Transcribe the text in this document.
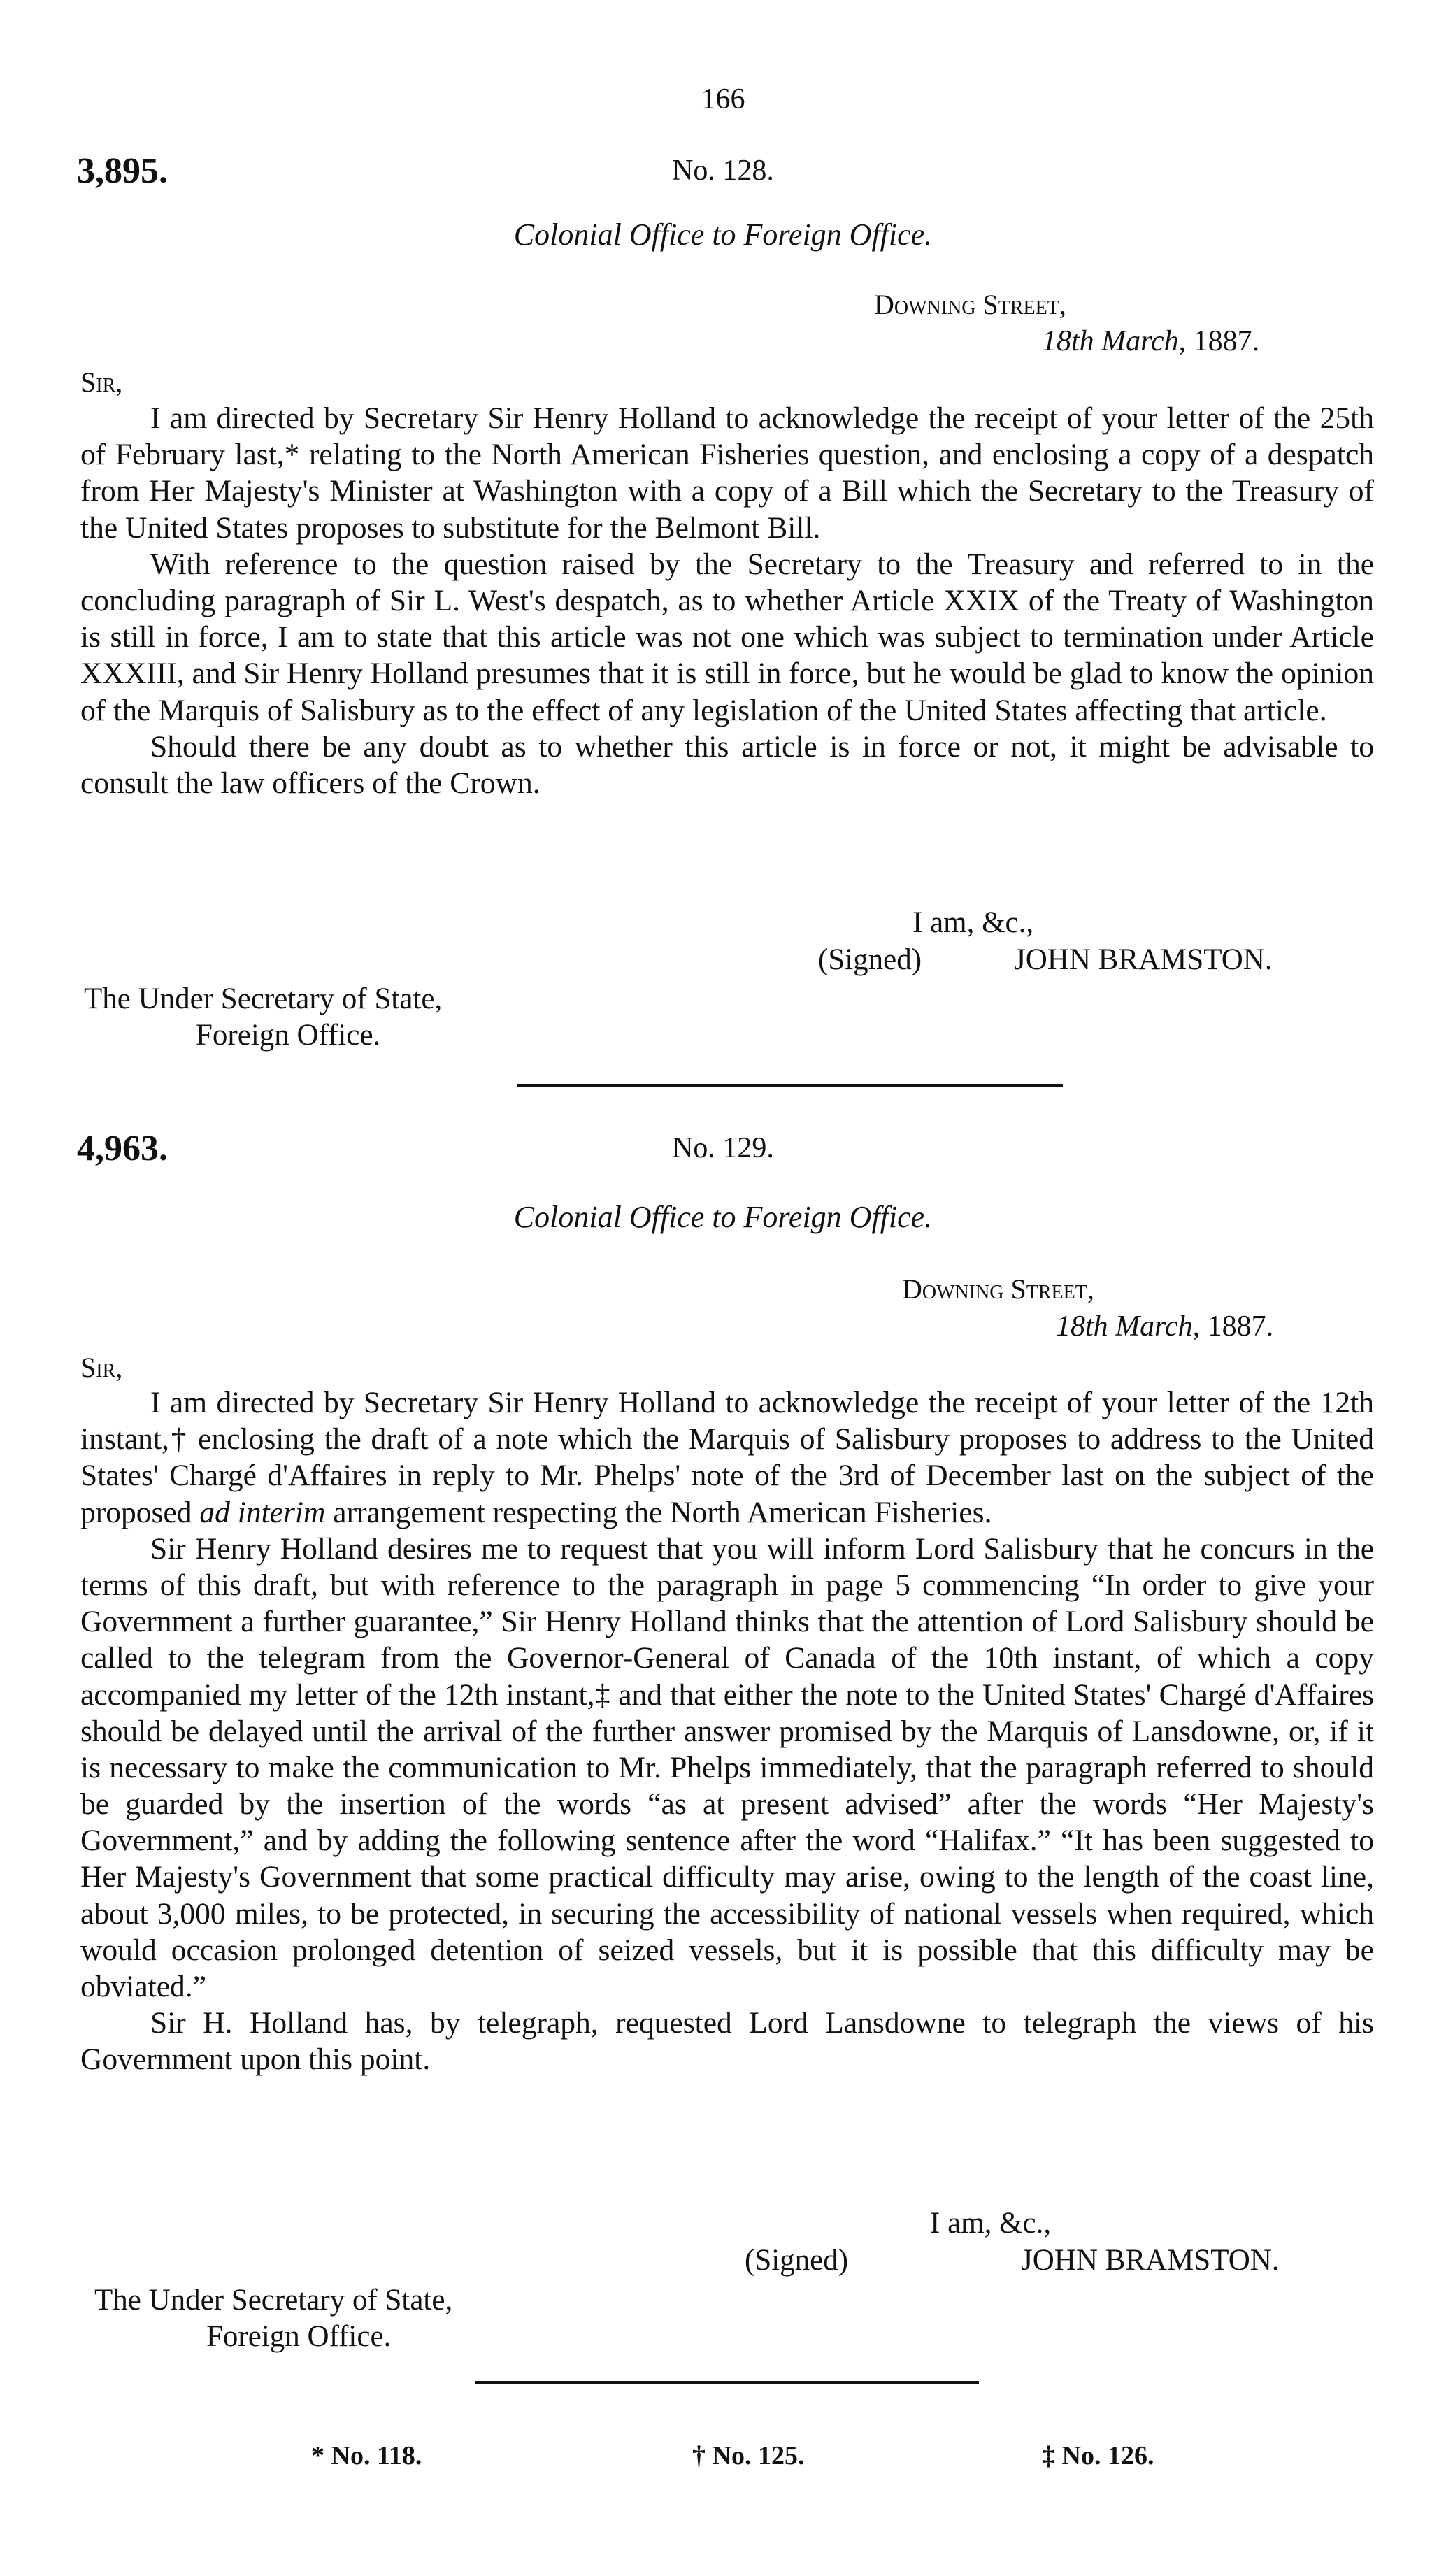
166
3,895.	No. 128.
Colonial Office to Foreign Office.
Downing Street,
18th March, 1887.
Sir,

I am directed by Secretary Sir Henry Holland to acknowledge the receipt of your letter of the 25th of February last,* relating to the North American Fisheries question, and enclosing a copy of a despatch from Her Majesty's Minister at Washington with a copy of a Bill which the Secretary to the Treasury of the United States proposes to substitute for the Belmont Bill.

With reference to the question raised by the Secretary to the Treasury and referred to in the concluding paragraph of Sir L. West's despatch, as to whether Article XXIX of the Treaty of Washington is still in force, I am to state that this article was not one which was subject to termination under Article XXXIII, and Sir Henry Holland presumes that it is still in force, but he would be glad to know the opinion of the Marquis of Salisbury as to the effect of any legislation of the United States affecting that article.

Should there be any doubt as to whether this article is in force or not, it might be advisable to consult the law officers of the Crown.

I am, &c.,
(Signed)	JOHN BRAMSTON.
The Under Secretary of State,
Foreign Office.
4,963.	No. 129.
Colonial Office to Foreign Office.
Downing Street,
18th March, 1887.
Sir,

I am directed by Secretary Sir Henry Holland to acknowledge the receipt of your letter of the 12th instant,† enclosing the draft of a note which the Marquis of Salisbury proposes to address to the United States' Chargé d'Affaires in reply to Mr. Phelps' note of the 3rd of December last on the subject of the proposed ad interim arrangement respecting the North American Fisheries.

Sir Henry Holland desires me to request that you will inform Lord Salisbury that he concurs in the terms of this draft, but with reference to the paragraph in page 5 commencing “In order to give your Government a further guarantee,” Sir Henry Holland thinks that the attention of Lord Salisbury should be called to the telegram from the Governor-General of Canada of the 10th instant, of which a copy accompanied my letter of the 12th instant,‡ and that either the note to the United States' Chargé d'Affaires should be delayed until the arrival of the further answer promised by the Marquis of Lansdowne, or, if it is necessary to make the communication to Mr. Phelps immediately, that the paragraph referred to should be guarded by the insertion of the words “as at present advised” after the words “Her Majesty's Government,” and by adding the following sentence after the word “Halifax.” “It has been suggested to Her Majesty's Government that some practical difficulty may arise, owing to the length of the coast line, about 3,000 miles, to be protected, in securing the accessibility of national vessels when required, which would occasion prolonged detention of seized vessels, but it is possible that this difficulty may be obviated.”

Sir H. Holland has, by telegraph, requested Lord Lansdowne to telegraph the views of his Government upon this point.

I am, &c.,
(Signed)	JOHN BRAMSTON.
The Under Secretary of State,
Foreign Office.
* No. 118.	† No. 125.	‡ No. 126.
